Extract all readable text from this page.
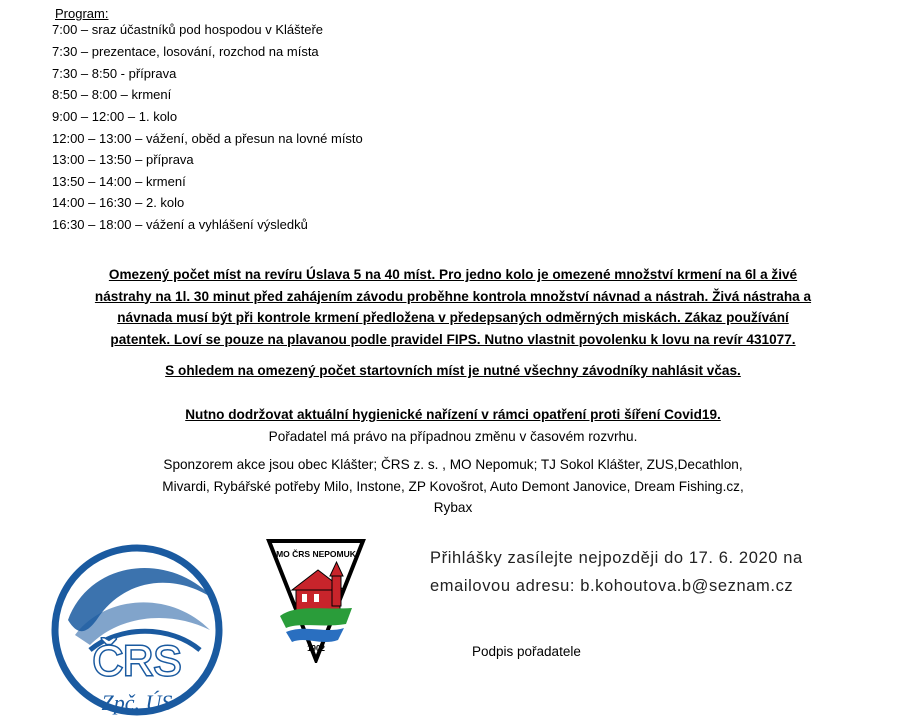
Program:
7:00 – sraz účastníků pod hospodou v Klášteře
7:30 – prezentace, losování, rozchod na místa
7:30 – 8:50 - příprava
8:50 – 8:00 – krmení
9:00 – 12:00 – 1. kolo
12:00 – 13:00 – vážení, oběd a přesun na lovné místo
13:00 – 13:50 – příprava
13:50 – 14:00 – krmení
14:00 – 16:30 – 2. kolo
16:30 – 18:00 – vážení a vyhlášení výsledků
Omezený počet míst na revíru Úslava 5 na 40 míst. Pro jedno kolo je omezené množství krmení na 6l a živé
nástrahy na 1l. 30 minut před zahájením závodu proběhne kontrola množství návnad a nástrah. Živá nástraha a
návnada musí být při kontrole krmení předložena v předepsaných odměrných miskách. Zákaz používání
patentek. Loví se pouze na plavanou podle pravidel FIPS. Nutno vlastnit povolenku k lovu na revír 431077.
S ohledem na omezený počet startovních míst je nutné všechny závodníky nahlásit včas.
Nutno dodržovat aktuální hygienické nařízení v rámci opatření proti šíření Covid19.
Pořadatel má právo na případnou změnu v časovém rozvrhu.
Sponzorem akce jsou obec Klášter; ČRS z. s. , MO Nepomuk; TJ Sokol Klášter, ZUS,Decathlon,
Mivardi, Rybářské potřeby Milo, Instone, ZP Kovošrot, Auto Demont Janovice, Dream Fishing.cz,
Rybax
ČRS
Zpč. ÚS
MO ČRS NEPOMUK
1902
Přihlášky zasílejte nejpozději do 17. 6. 2020 na
emailovou adresu: b.kohoutova.b@seznam.cz
Podpis pořadatele
